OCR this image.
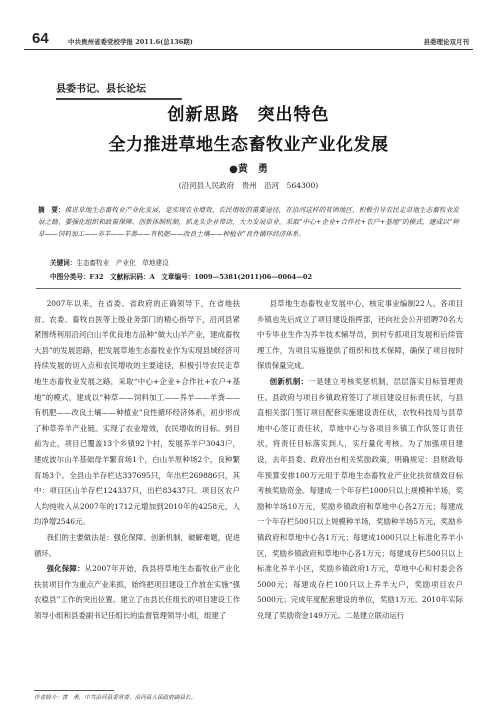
64	中共贵州省委党校学报 2011.6(总136期)	县委理论双月刊
县委书记、县长论坛
创新思路　突出特色
全力推进草地生态畜牧业产业化发展
●黄　勇
(沿河县人民政府　贵州　沿河　564300)
摘　要：推进草地生态畜牧业产业化发展，是实现农业增效、农民增收的重要途径，在沿河这样的贫困地区，积极引导农民走草地生态畜牧业发展之路，要强化组织和政策保障、创新体制机制，抓龙头企业带动，大力发展草业。采取“中心+企业+合作社+农户+基地”的模式，建成以“种草——饲料加工——养羊——羊粪——有机肥——改良土壤——种植业”良性循环经济体系。
关键词：生态畜牧业　产业化　草地建设
中图分类号：F32　文献标识码：A　文章编号：1009—5381(2011)06—0064—02

2007年以来，在省委、省政府的正确领导下，在省地扶贫、农委、畜牧自医等上级业务部门的精心指导下，沿河县紧紧围绕利用沿河白山羊优良地方品种“做大山羊产业，建成畜牧大县”的发展思路，把发展草地生态畜牧业作为实现县域经济可持续发展的切入点和农民增收的主要途径，积极引导农民走草地生态畜牧业发展之路，采取“中心+企业+合作社+农户+基地”的模式，建成以“种草——饲料加工——养羊——羊粪——有机肥——改良土壤——种植业”良性循环经济体系，初步形成了种草养羊产业链。实现了农业增效，农民增收的目标。到目前为止，项目已覆盖13个乡镇92个村，发展养羊户3043户，建成波尔山羊基础母羊繁育场1个，白山羊原种场2个，良种繁育场3个。全县山羊存栏达337695只，年出栏269886只，其中：项目区山羊存栏124337只，出栏83437只。项目区农户人均纯收入从2007年的1712元增加到2010年的4258元，人均净增2546元。

我们的主要做法是：强化保障、创新机制，破解难题，促进循环。

强化保障：从2007年开始，我县将草地生态畜牧业产业化扶贫项目作为重点产业来抓，始终把项目建设工作放在实施“强农稳县”工作的突出位置。建立了由县长任组长的项目建设工作领导小组和县委副书记任组长的监督管理领导小组，组建了

县草地生态畜牧业发展中心，核定事业编制22人。各项目乡镇也先后成立了项目建设指挥部，还向社会公开招聘70名大中专毕业生作为养羊技术辅导员，到村专抓项目发展和后续管理工作，为项目实施提供了组织和技术保障，确保了项目按时保质保量完成。

创新机制：一是建立考核奖惩机制，层层落实目标管理责任。县政府与项目乡镇政府签订了项目建设目标责任状，与县直相关部门签订项目配套实施建设责任状，农牧科技局与县草地中心签订责任状，草地中心与各项目乡镇工作队签订责任状，将责任目标落实到人，实行量化考核。为了加强项目建设，去年县委、政府出台相关奖励政策，明确规定：县财政每年预算安排100万元用于草地生态畜牧业产业化扶贫绩效目标考核奖励资金。每建成一个年存栏1000只以上规模种羊场，奖励种羊场10万元，奖励乡镇政府和草地中心各2万元；每建成一个年存栏500只以上规模种羊场，奖励种羊场5万元，奖励乡镇政府和草地中心各1万元；每建成1000只以上标准化养羊小区，奖励乡镇政府和草地中心各1万元；每建成存栏500只以上标准化养羊小区，奖励乡镇政府1万元，草地中心和村委会各5000元；每建成存栏100只以上养羊大户，奖励项目农户5000元；完成年度配套建设的单位，奖励1万元。2010年实际兑现了奖励资金149万元。二是建立联动运行

作者简介：黄　勇，中共沿河县委常委、沿河县人民政府副县长。
